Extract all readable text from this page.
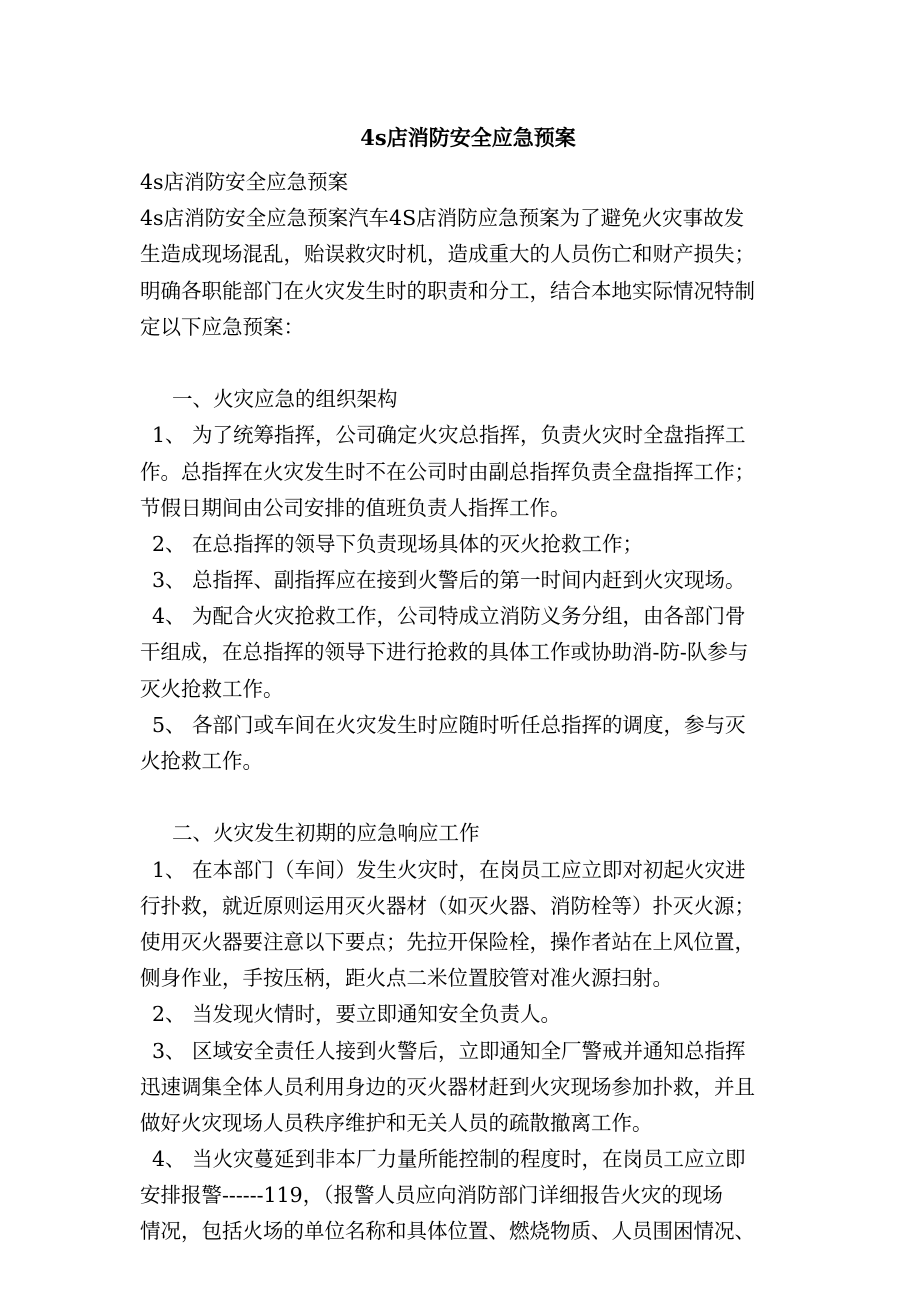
4s店消防安全应急预案

4s店消防安全应急预案

4s店消防安全应急预案汽车4S店消防应急预案为了避免火灾事故发

生造成现场混乱，贻误救灾时机，造成重大的人员伤亡和财产损失；

明确各职能部门在火灾发生时的职责和分工，结合本地实际情况特制

定以下应急预案：

一、火灾应急的组织架构

1、 为了统筹指挥，公司确定火灾总指挥，负责火灾时全盘指挥工

作。总指挥在火灾发生时不在公司时由副总指挥负责全盘指挥工作；

节假日期间由公司安排的值班负责人指挥工作。

2、 在总指挥的领导下负责现场具体的灭火抢救工作；

3、 总指挥、副指挥应在接到火警后的第一时间内赶到火灾现场。

4、 为配合火灾抢救工作，公司特成立消防义务分组，由各部门骨

干组成，在总指挥的领导下进行抢救的具体工作或协助消-防-队参与

灭火抢救工作。

5、 各部门或车间在火灾发生时应随时听任总指挥的调度，参与灭

火抢救工作。

二、火灾发生初期的应急响应工作

1、 在本部门（车间）发生火灾时，在岗员工应立即对初起火灾进

行扑救，就近原则运用灭火器材（如灭火器、消防栓等）扑灭火源；

使用灭火器要注意以下要点；先拉开保险栓，操作者站在上风位置，

侧身作业，手按压柄，距火点二米位置胶管对准火源扫射。

2、 当发现火情时，要立即通知安全负责人。

3、 区域安全责任人接到火警后，立即通知全厂警戒并通知总指挥

迅速调集全体人员利用身边的灭火器材赶到火灾现场参加扑救，并且

做好火灾现场人员秩序维护和无关人员的疏散撤离工作。

4、 当火灾蔓延到非本厂力量所能控制的程度时，在岗员工应立即

安排报警------119，（报警人员应向消防部门详细报告火灾的现场

情况，包括火场的单位名称和具体位置、燃烧物质、人员围困情况、
